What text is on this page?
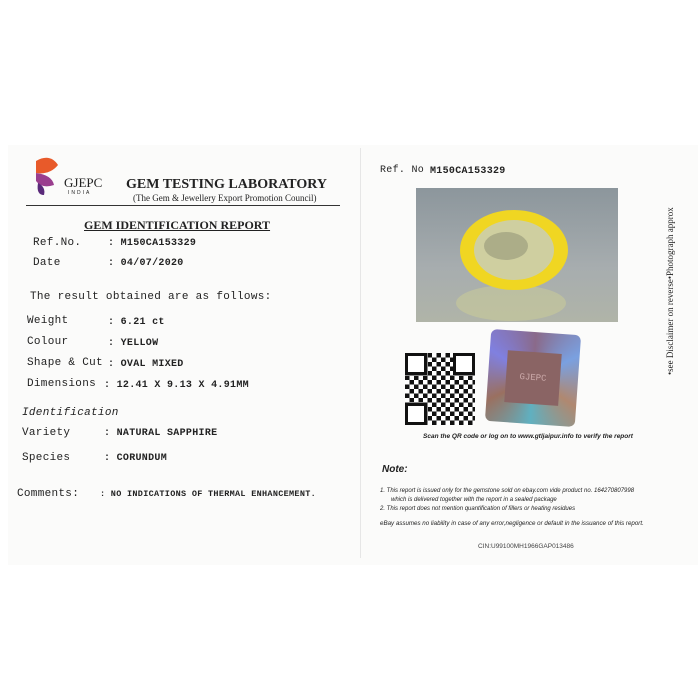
GJEPC
INDIA
GEM TESTING LABORATORY
(The Gem & Jewellery Export Promotion Council)
GEM IDENTIFICATION REPORT
Ref.No.	: M150CA153329
Date	: 04/07/2020
The result obtained are as follows:
Weight	: 6.21 ct
Colour	: YELLOW
Shape & Cut : OVAL MIXED
Dimensions : 12.41 X 9.13 X 4.91MM
Identification
Variety	: NATURAL SAPPHIRE
Species	: CORUNDUM
Comments: : NO INDICATIONS OF THERMAL ENHANCEMENT.
Ref. No M150CA153329
GJEPC
Scan the QR code or log on to www.gtljaipur.info to verify the report
•see Disclaimer on reverse•Photograph approx
Note:
1. This report is issued only for the gemstone sold on ebay.com vide product no. 164270807998
which is delivered together with the report in a sealed package
2. This report does not mention quantification of fillers or heating residues
eBay assumes no liability in case of any error,negligence or default in the issuance of this report.
CIN:U99100MH1966GAP013486
